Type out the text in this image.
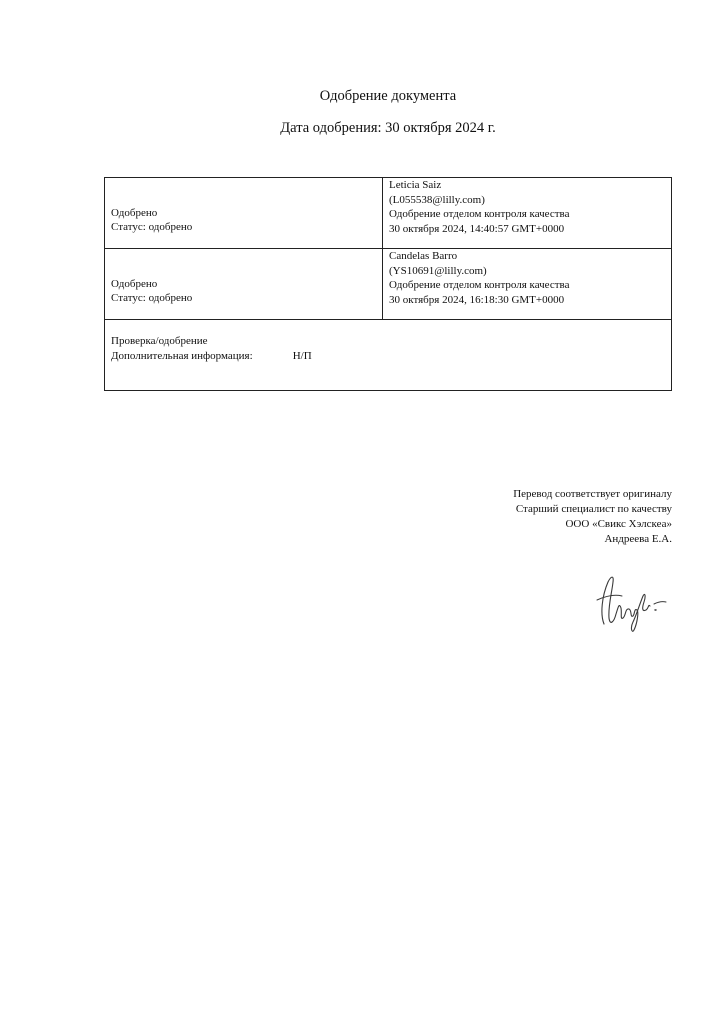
Одобрение документа
Дата одобрения: 30 октября 2024 г.
Одобрено
Статус: одобрено	Leticia Saiz
(L055538@lilly.com)
Одобрение отделом контроля качества
30 октября 2024, 14:40:57 GMT+0000

Одобрено
Статус: одобрено	Candelas Barro
(YS10691@lilly.com)
Одобрение отделом контроля качества
30 октября 2024, 16:18:30 GMT+0000

Проверка/одобрение
Дополнительная информация: Н/П	
Перевод соответствует оригиналу
Старший специалист по качеству
ООО «Свикс Хэлскеа»
Андреева Е.А.
